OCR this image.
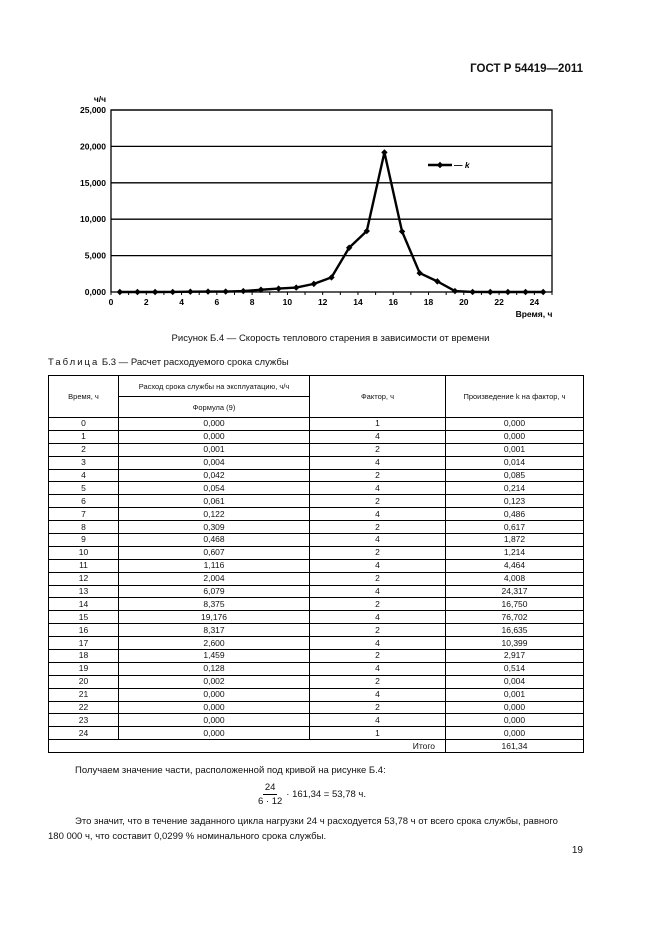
ГОСТ Р 54419—2011
0,000
5,000
10,000
15,000
20,000
25,000
0	2	4	6	8	10	12	14	16	18	20	22	24
— k
ч/ч
Время, ч
Рисунок Б.4 — Скорость теплового старения в зависимости от времени
Таблица Б.3 — Расчет расходуемого срока службы
Время, ч	Расход срока службы на эксплуатацию, ч/ч	Фактор, ч	Произведение k на фактор, ч
	Формула (9)		
0	0,000	1	0,000
1	0,000	4	0,000
2	0,001	2	0,001
3	0,004	4	0,014
4	0,042	2	0,085
5	0,054	4	0,214
6	0,061	2	0,123
7	0,122	4	0,486
8	0,309	2	0,617
9	0,468	4	1,872
10	0,607	2	1,214
11	1,116	4	4,464
12	2,004	2	4,008
13	6,079	4	24,317
14	8,375	2	16,750
15	19,176	4	76,702
16	8,317	2	16,635
17	2,600	4	10,399
18	1,459	2	2,917
19	0,128	4	0,514
20	0,002	2	0,004
21	0,000	4	0,001
22	0,000	2	0,000
23	0,000	4	0,000
24	0,000	1	0,000
Итого			161,34
Получаем значение части, расположенной под кривой на рисунке Б.4:
$\frac{24}{6 \cdot 12} \cdot 161,34 = 53,78$ ч.
Это значит, что в течение заданного цикла нагрузки 24 ч расходуется 53,78 ч от всего срока службы, равного
180 000 ч, что составит 0,0299 % номинального срока службы.
19
